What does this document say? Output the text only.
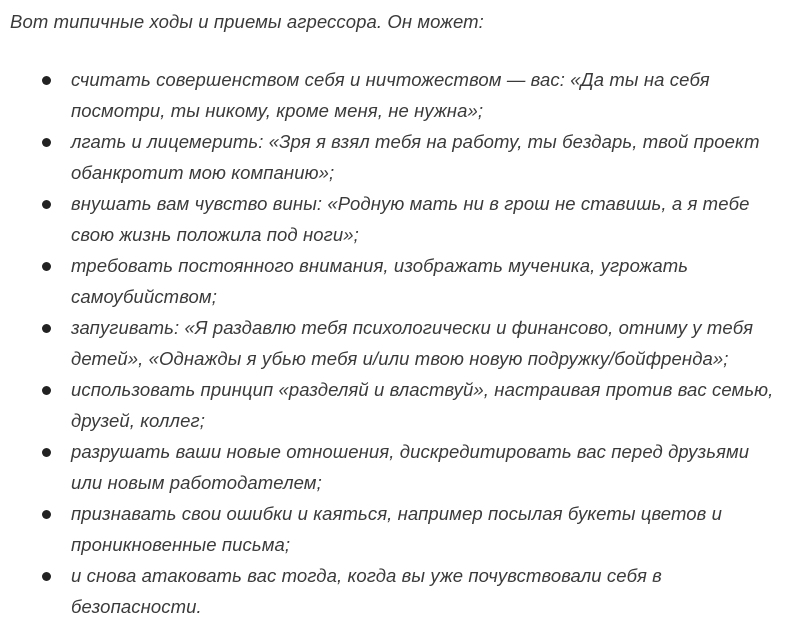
Вот типичные ходы и приемы агрессора. Он может:

считать совершенством себя и ничтожеством — вас: «Да ты на себя
посмотри, ты никому, кроме меня, не нужна»;
лгать и лицемерить: «Зря я взял тебя на работу, ты бездарь, твой проект
обанкротит мою компанию»;
внушать вам чувство вины: «Родную мать ни в грош не ставишь, а я тебе
свою жизнь положила под ноги»;
требовать постоянного внимания, изображать мученика, угрожать
самоубийством;
запугивать: «Я раздавлю тебя психологически и финансово, отниму у тебя
детей», «Однажды я убью тебя и/или твою новую подружку/бойфренда»;
использовать принцип «разделяй и властвуй», настраивая против вас семью,
друзей, коллег;
разрушать ваши новые отношения, дискредитировать вас перед друзьями
или новым работодателем;
признавать свои ошибки и каяться, например посылая букеты цветов и
проникновенные письма;
и снова атаковать вас тогда, когда вы уже почувствовали себя в
безопасности.
